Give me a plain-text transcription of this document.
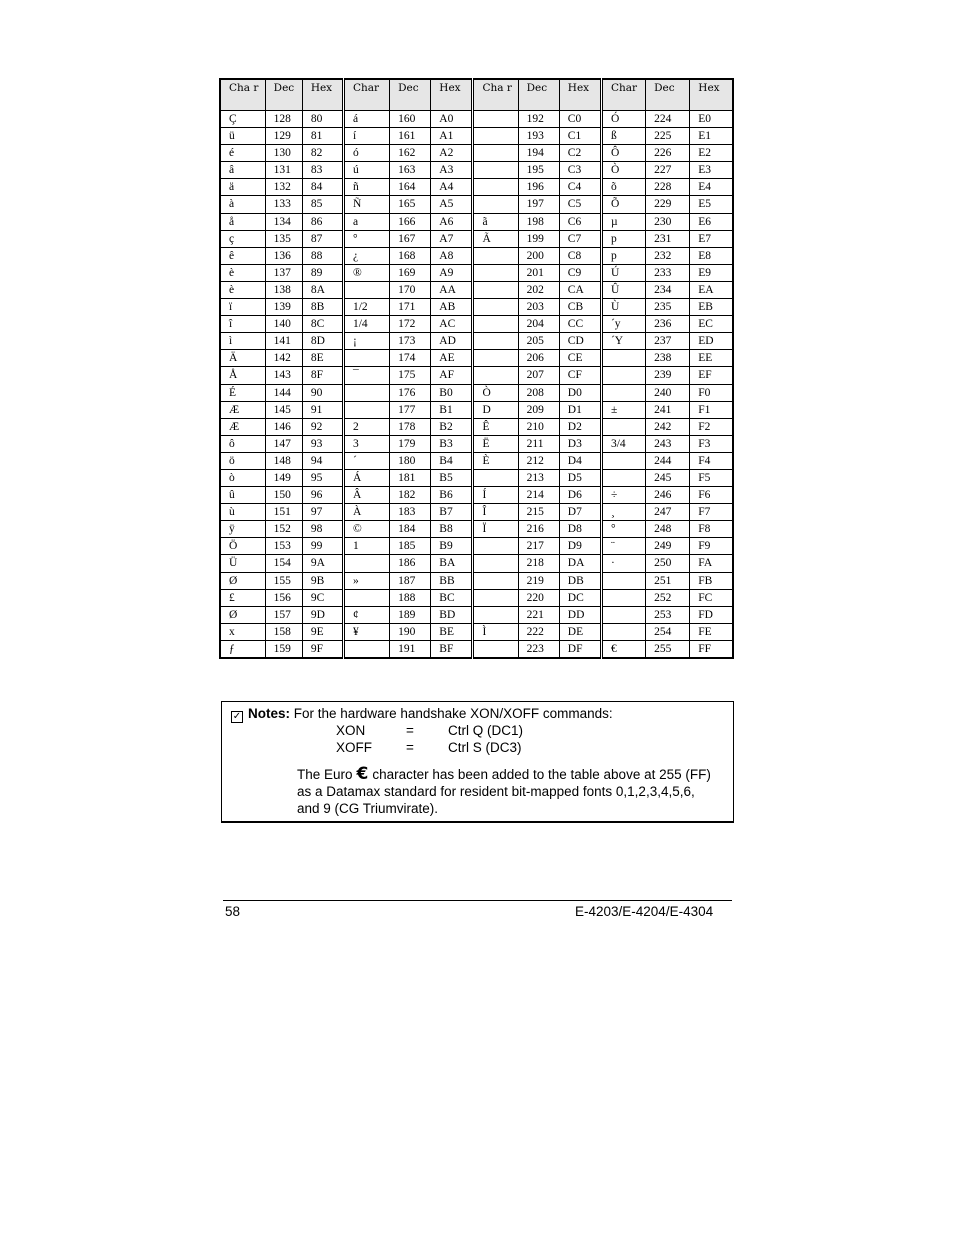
Cha r	Dec	Hex	Char	Dec	Hex	Cha r	Dec	Hex	Char	Dec	Hex
Ç	128	80	á	160	A0		192	C0	Ó	224	E0
ü	129	81	í	161	A1		193	C1	ß	225	E1
é	130	82	ó	162	A2		194	C2	Ô	226	E2
â	131	83	ú	163	A3		195	C3	Ò	227	E3
ä	132	84	ñ	164	A4		196	C4	õ	228	E4
à	133	85	Ñ	165	A5		197	C5	Õ	229	E5
å	134	86	a	166	A6	ã	198	C6	µ	230	E6
ç	135	87	°	167	A7	Ã	199	C7	p	231	E7
ê	136	88	¿	168	A8		200	C8	p	232	E8
è	137	89	®	169	A9		201	C9	Ú	233	E9
è	138	8A		170	AA		202	CA	Û	234	EA
ï	139	8B	1/2	171	AB		203	CB	Ù	235	EB
î	140	8C	1/4	172	AC		204	CC	´y	236	EC
ì	141	8D	¡	173	AD		205	CD	´Y	237	ED
Ä	142	8E		174	AE		206	CE		238	EE
Å	143	8F	¯	175	AF		207	CF		239	EF
É	144	90		176	B0	Ò	208	D0		240	F0
Æ	145	91		177	B1	D	209	D1	±	241	F1
Æ	146	92	2	178	B2	Ê	210	D2		242	F2
ô	147	93	3	179	B3	Ë	211	D3	3/4	243	F3
ö	148	94	´	180	B4	È	212	D4		244	F4
ò	149	95	Á	181	B5		213	D5		245	F5
û	150	96	Â	182	B6	Í	214	D6	÷	246	F6
ù	151	97	À	183	B7	Î	215	D7	¸	247	F7
ÿ	152	98	©	184	B8	Ï	216	D8	°	248	F8
Ö	153	99	1	185	B9		217	D9	¨	249	F9
Ü	154	9A		186	BA		218	DA	·	250	FA
Ø	155	9B	»	187	BB		219	DB		251	FB
£	156	9C		188	BC		220	DC		252	FC
Ø	157	9D	¢	189	BD		221	DD		253	FD
x	158	9E	¥	190	BE	Ì	222	DE		254	FE
ƒ	159	9F		191	BF		223	DF	€	255	FF
✓ Notes: For the hardware handshake XON/XOFF commands:
XON	=	Ctrl Q (DC1)
XOFF	=	Ctrl S (DC3)
The Euro € character has been added to the table above at 255 (FF) as a Datamax standard for resident bit-mapped fonts 0,1,2,3,4,5,6, and 9 (CG Triumvirate).
58	E-4203/E-4204/E-4304
